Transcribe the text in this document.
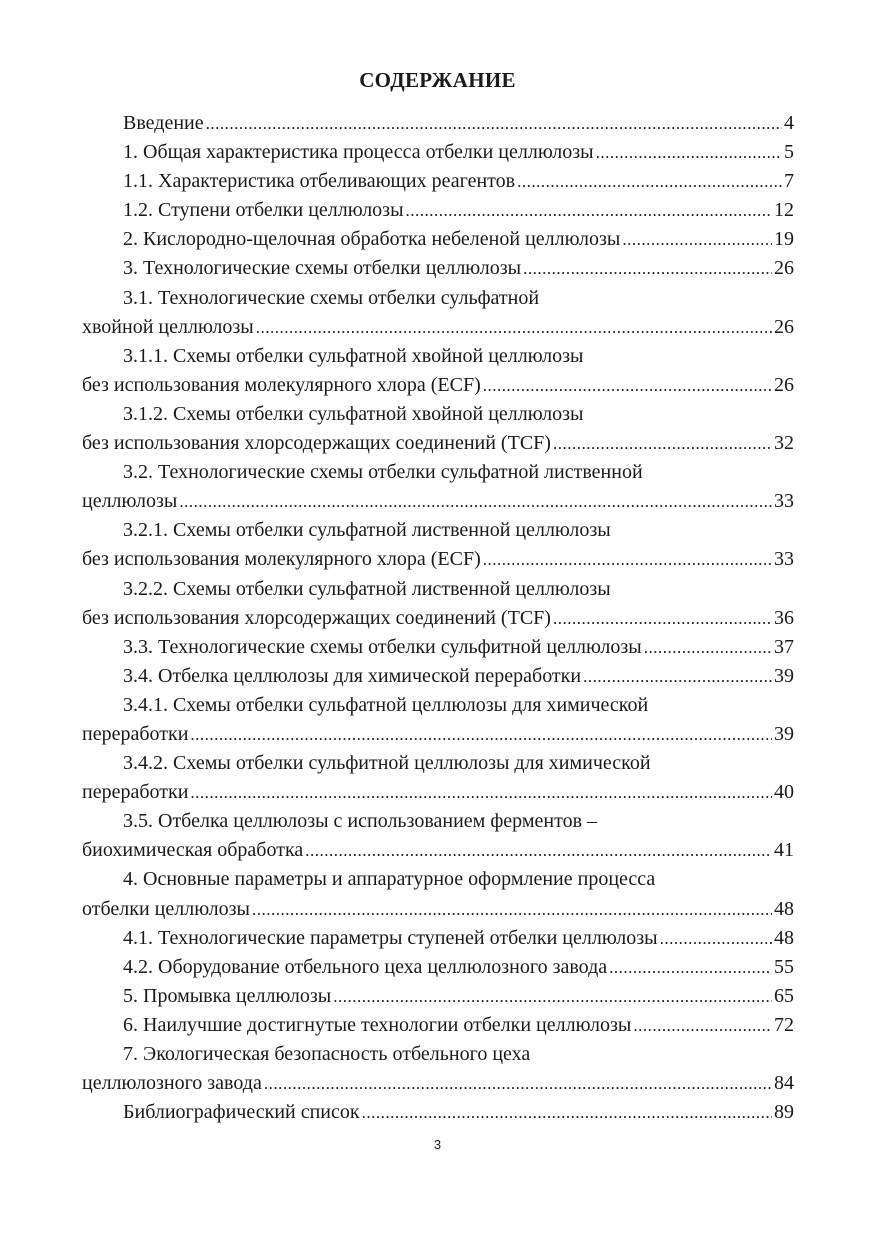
СОДЕРЖАНИЕ
Введение .....	4
1. Общая характеристика процесса отбелки целлюлозы .....	5
1.1. Характеристика отбеливающих реагентов .....	7
1.2. Ступени отбелки целлюлозы .....	12
2. Кислородно-щелочная обработка небеленой целлюлозы .....	19
3. Технологические схемы отбелки целлюлозы .....	26
3.1. Технологические схемы отбелки сульфатной
хвойной целлюлозы .....	26
3.1.1. Схемы отбелки сульфатной хвойной целлюлозы
без использования молекулярного хлора (ECF) .....	26
3.1.2. Схемы отбелки сульфатной хвойной целлюлозы
без использования хлорсодержащих соединений (TCF) .....	32
3.2. Технологические схемы отбелки сульфатной лиственной
целлюлозы .....	33
3.2.1. Схемы отбелки сульфатной лиственной целлюлозы
без использования молекулярного хлора (ECF) .....	33
3.2.2. Схемы отбелки сульфатной лиственной целлюлозы
без использования хлорсодержащих соединений (TCF) .....	36
3.3. Технологические схемы отбелки сульфитной целлюлозы .....	37
3.4. Отбелка целлюлозы для химической переработки .....	39
3.4.1. Схемы отбелки сульфатной целлюлозы для химической
переработки .....	39
3.4.2. Схемы отбелки сульфитной целлюлозы для химической
переработки .....	40
3.5. Отбелка целлюлозы с использованием ферментов –
биохимическая обработка .....	41
4. Основные параметры и аппаратурное оформление процесса
отбелки целлюлозы .....	48
4.1. Технологические параметры ступеней отбелки целлюлозы .....	48
4.2. Оборудование отбельного цеха целлюлозного завода .....	55
5. Промывка целлюлозы .....	65
6. Наилучшие достигнутые технологии отбелки целлюлозы .....	72
7. Экологическая безопасность отбельного цеха
целлюлозного завода .....	84
Библиографический список .....	89
3
